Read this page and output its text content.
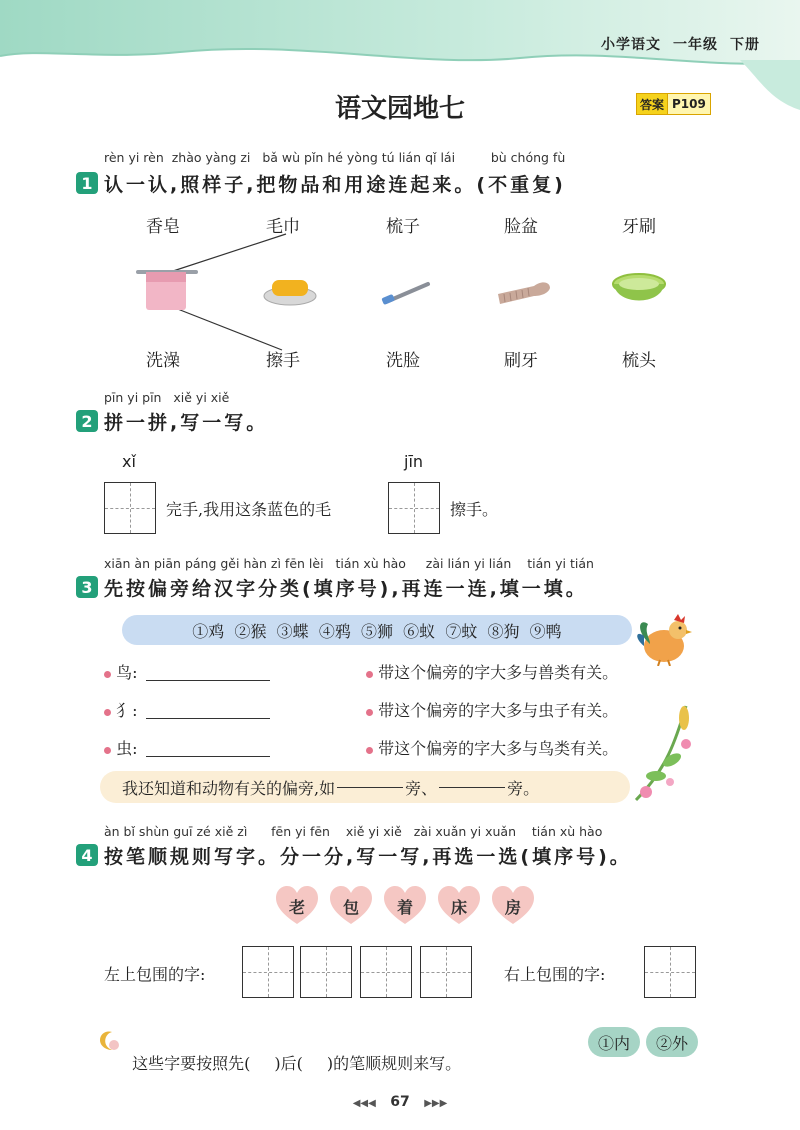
小学语文 一年级 下册
语文园地七	答案 P109
rèn yi rèn  zhào yàng zi   bǎ wù pǐn hé yòng tú lián qǐ lái         bù chóng fù
1 认一认,照样子,把物品和用途连起来。(不重复)
香皂	毛巾	梳子	脸盆	牙刷
洗澡	擦手	洗脸	刷牙	梳头
pīn yi pīn   xiě yi xiě
2 拼一拼,写一写。
xǐ	jīn
完手,我用这条蓝色的毛	擦手。
xiān àn piān páng gěi hàn zì fēn lèi   tián xù hào     zài lián yi lián    tián yi tián
3 先按偏旁给汉字分类(填序号),再连一连,填一填。
①鸡  ②猴  ③蝶  ④鸦  ⑤狮  ⑥蚁  ⑦蚊  ⑧狗  ⑨鸭
鸟:
犭:
虫:
带这个偏旁的字大多与兽类有关。
带这个偏旁的字大多与虫子有关。
带这个偏旁的字大多与鸟类有关。
我还知道和动物有关的偏旁,如	旁、	旁。
àn bǐ shùn guī zé xiě zì      fēn yi fēn    xiě yi xiě   zài xuǎn yi xuǎn    tián xù hào
4 按笔顺规则写字。分一分,写一写,再选一选(填序号)。
老	包	着	床	房
左上包围的字:	右上包围的字:

这些字要按照先( )后( )的笔顺规则来写。

①内	②外
◀◀◀ 67 ▶▶▶
